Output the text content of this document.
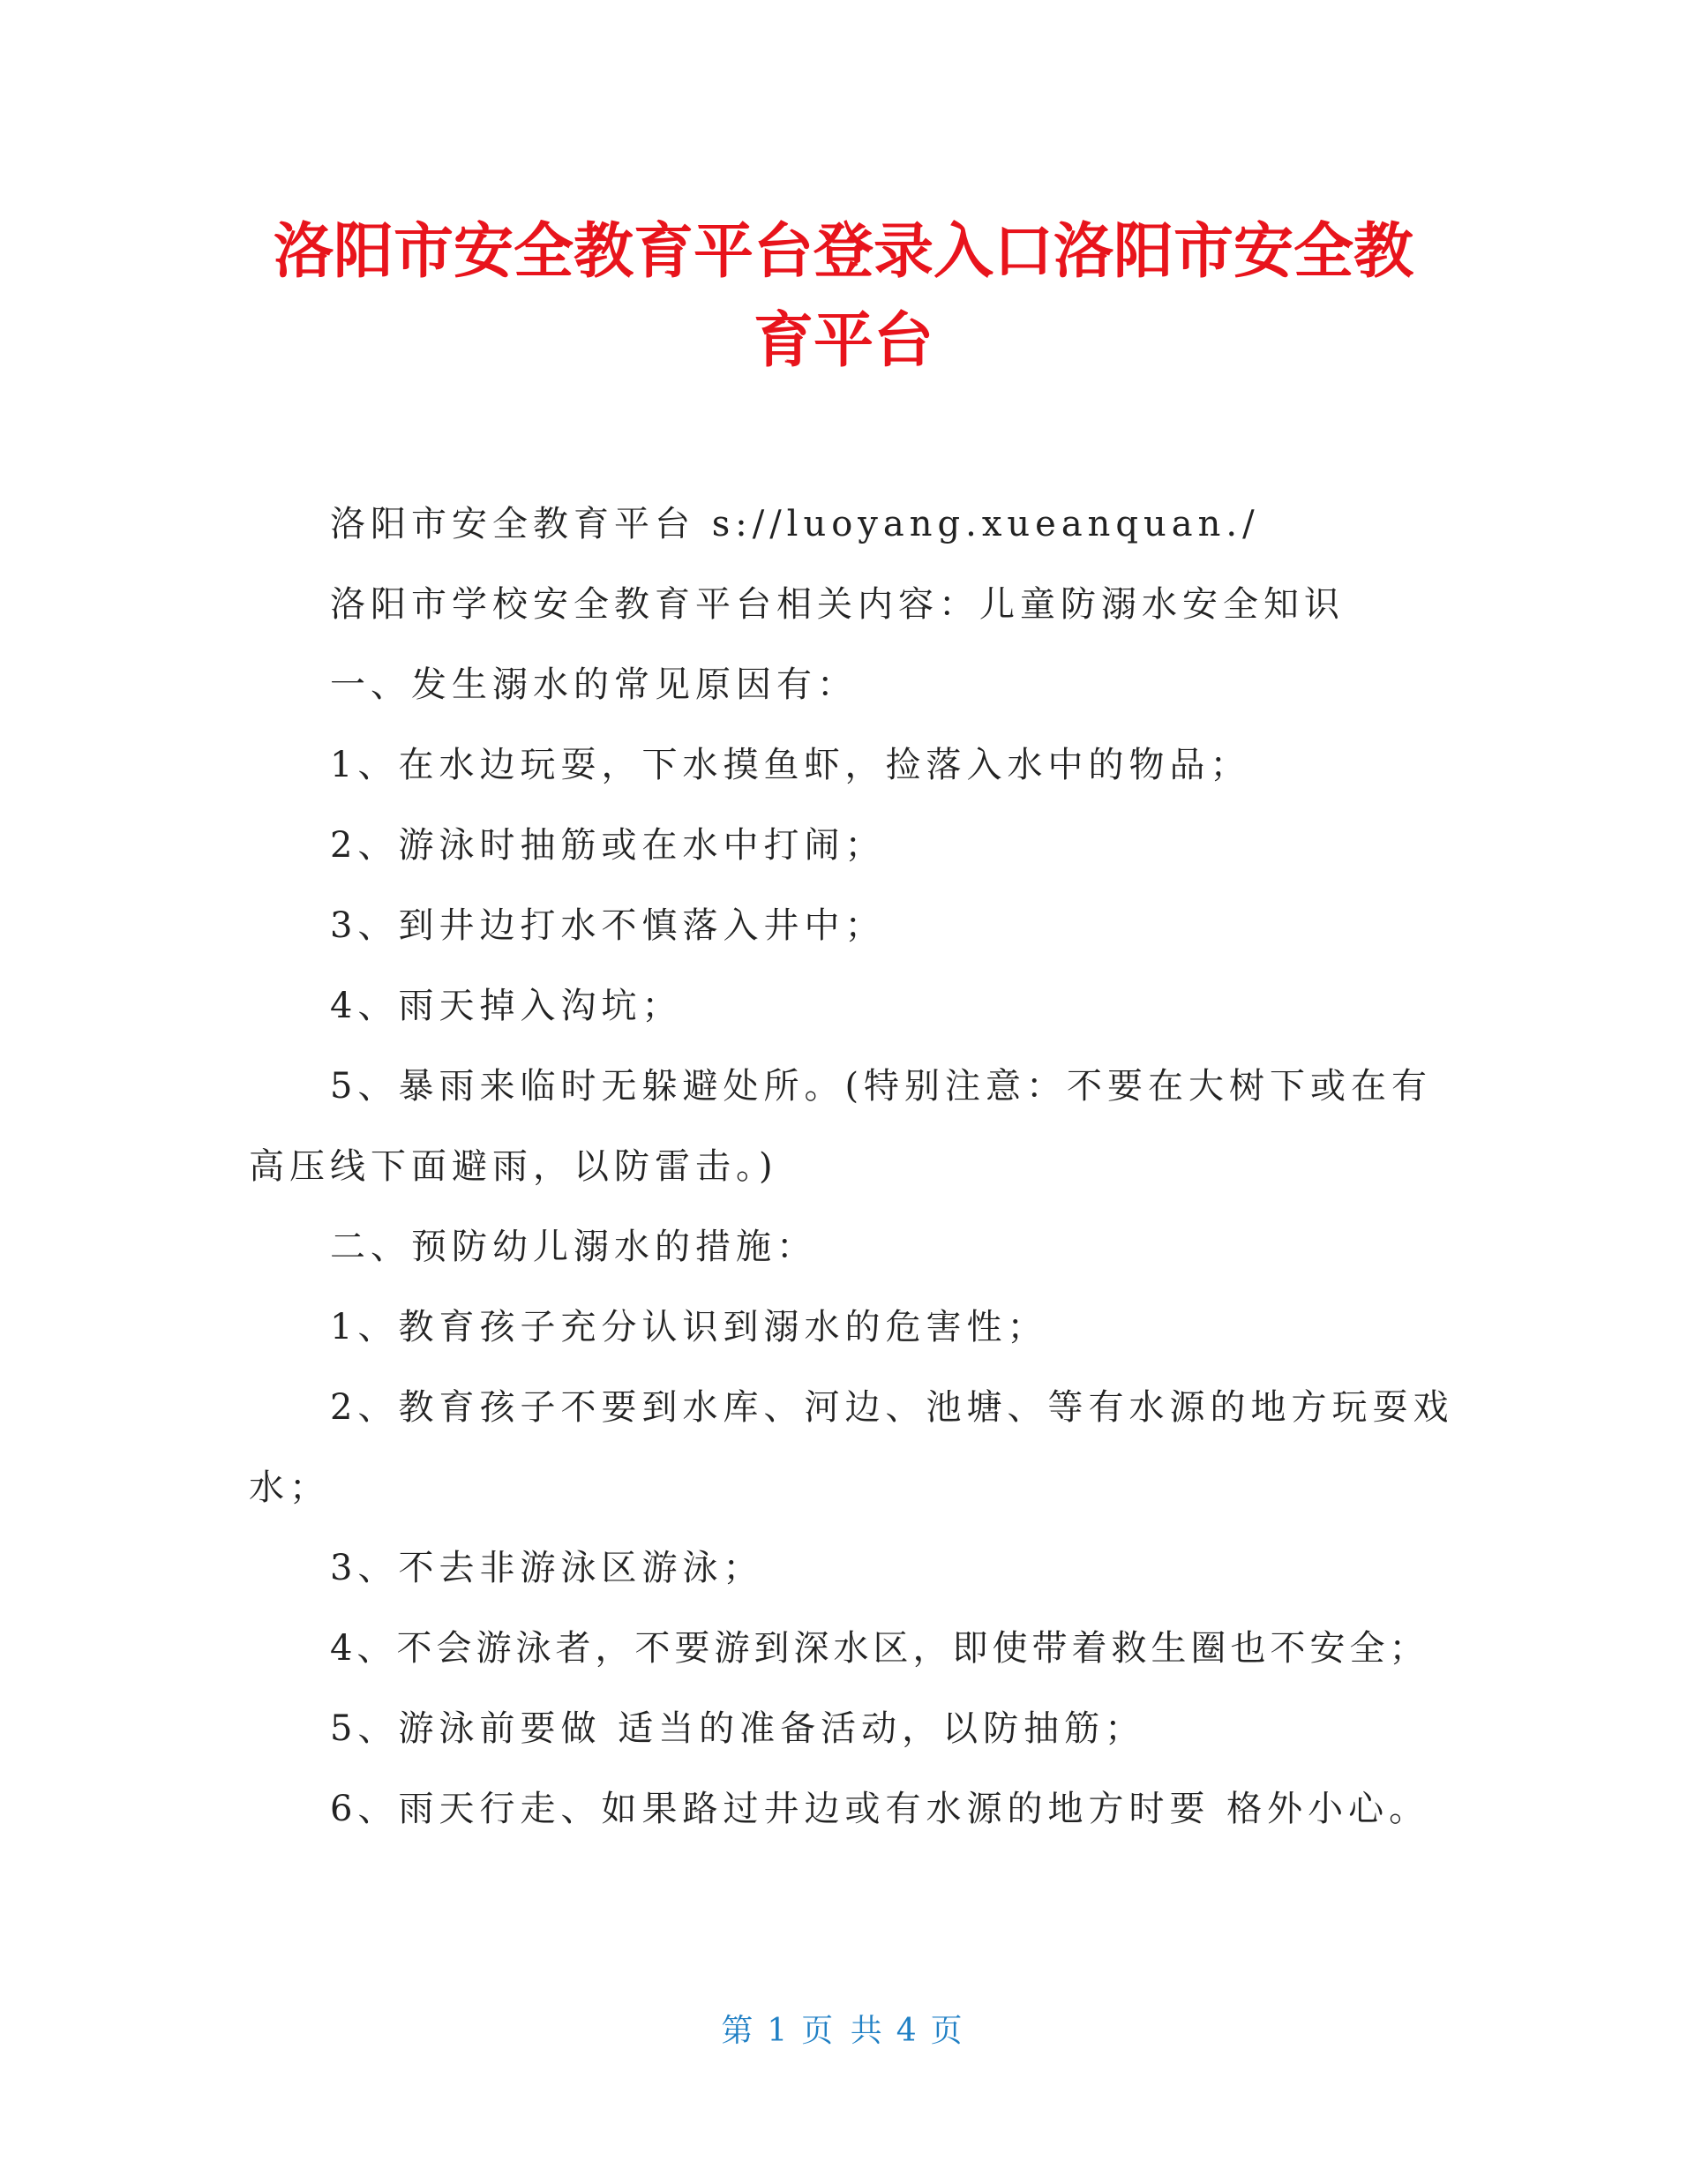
洛阳市安全教育平台登录入口洛阳市安全教育平台

洛阳市安全教育平台 s://luoyang.xueanquan./

洛阳市学校安全教育平台相关内容：儿童防溺水安全知识

一、发生溺水的常见原因有：

1、在水边玩耍，下水摸鱼虾，捡落入水中的物品；

2、游泳时抽筋或在水中打闹；

3、到井边打水不慎落入井中；

4、雨天掉入沟坑；

5、暴雨来临时无躲避处所。(特别注意：不要在大树下或在有高压线下面避雨，以防雷击。)

二、预防幼儿溺水的措施：

1、教育孩子充分认识到溺水的危害性；

2、教育孩子不要到水库、河边、池塘、等有水源的地方玩耍戏水；

3、不去非游泳区游泳；

4、不会游泳者，不要游到深水区，即使带着救生圈也不安全；

5、游泳前要做 适当的准备活动，以防抽筋；

6、雨天行走、如果路过井边或有水源的地方时要 格外小心。

第 1 页 共 4 页
